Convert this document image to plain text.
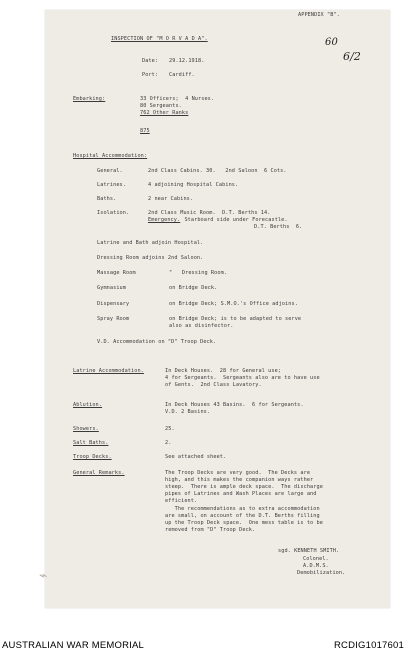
APPENDIX "B".
60
6/2
INSPECTION OF "M O R V A D A".
Date: 29.12.1918.
Port: Cardiff.
Embarking:	33 Officers;  4 Nurses.
80 Sergeants.
762 Other Ranks
875
Hospital Accommodation:
General.	2nd Class Cabins. 30.   2nd Saloon  6 Cots.
Latrines.	4 adjoining Hospital Cabins.
Baths.	2 near Cabins.
Isolation.	2nd Class Music Room.  D.T. Berths 14.
Emergency.
Starboard side under Forecastle.
D.T. Berths  6.
Latrine and Bath adjoin Hospital.
Dressing Room adjoins 2nd Saloon.
Massage Room	"   Dressing Room.
Gymnasium	on Bridge Deck.
Dispensary	on Bridge Deck; S.M.O.'s Office adjoins.
Spray Room	on Bridge Deck; is to be adapted to serve
also as disinfector.
V.D. Accommodation on "D" Troop Deck.
Latrine Accommodation.	In Deck Houses.  28 for General use;
4 for Sergeants.  Sergeants also are to have use
of Gents.  2nd Class Lavatory.
Ablution.	In Deck Houses 43 Basins.  6 for Sergeants.
V.D. 2 Basins.
Showers.	25.
Salt Baths.	2.
Troop Decks.	See attached sheet.
General Remarks.	The Troop Decks are very good.  The Decks are
high, and this makes the companion ways rather
steep.  There is ample deck space.  The discharge
pipes of Latrines and Wash Places are large and
efficient.
The recommendations as to extra accommodation
are small, on account of the D.T. Berths filling
up the Troop Deck space.  One mess table is to be
removed from "D" Troop Deck.
sgd. KENNETH SMITH.
Colonel.
A.D.M.S.
Demobilization.
⌁
AUSTRALIAN WAR MEMORIAL	RCDIG1017601
